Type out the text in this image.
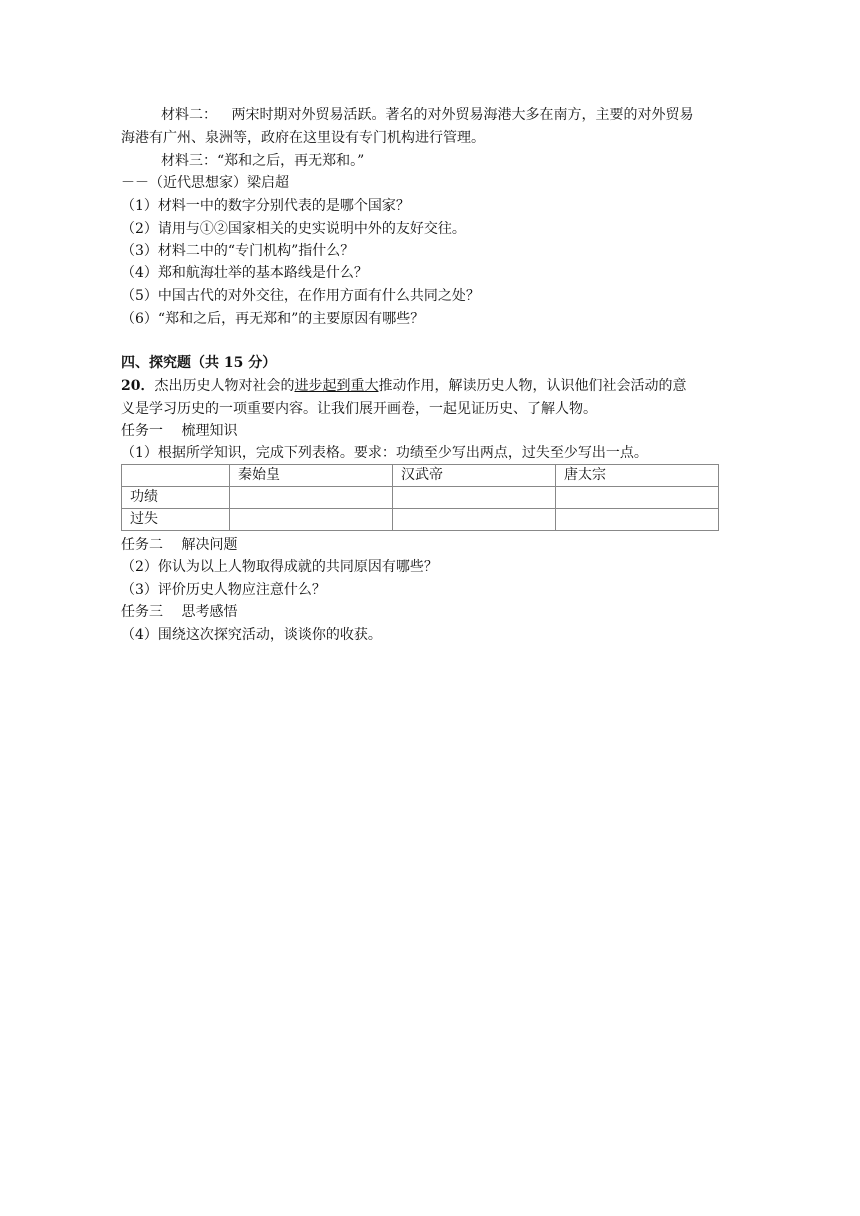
材料二： 两宋时期对外贸易活跃。著名的对外贸易海港大多在南方，主要的对外贸易
海港有广州、泉洲等，政府在这里设有专门机构进行管理。
材料三：“郑和之后，再无郑和。”
－－（近代思想家）梁启超
（1）材料一中的数字分别代表的是哪个国家？
（2）请用与①②国家相关的史实说明中外的友好交往。
（3）材料二中的“专门机构”指什么？
（4）郑和航海壮举的基本路线是什么？
（5）中国古代的对外交往，在作用方面有什么共同之处？
（6）“郑和之后，再无郑和”的主要原因有哪些？
四、探究题（共 15 分）
20．杰出历史人物对社会的进步起到重大推动作用，解读历史人物，认识他们社会活动的意
义是学习历史的一项重要内容。让我们展开画卷，一起见证历史、了解人物。
任务一　 梳理知识
（1）根据所学知识，完成下列表格。要求：功绩至少写出两点，过失至少写出一点。
	秦始皇	汉武帝	唐太宗
功绩			
过失			
任务二　 解决问题
（2）你认为以上人物取得成就的共同原因有哪些？
（3）评价历史人物应注意什么？
任务三　 思考感悟
（4）围绕这次探究活动，谈谈你的收获。
